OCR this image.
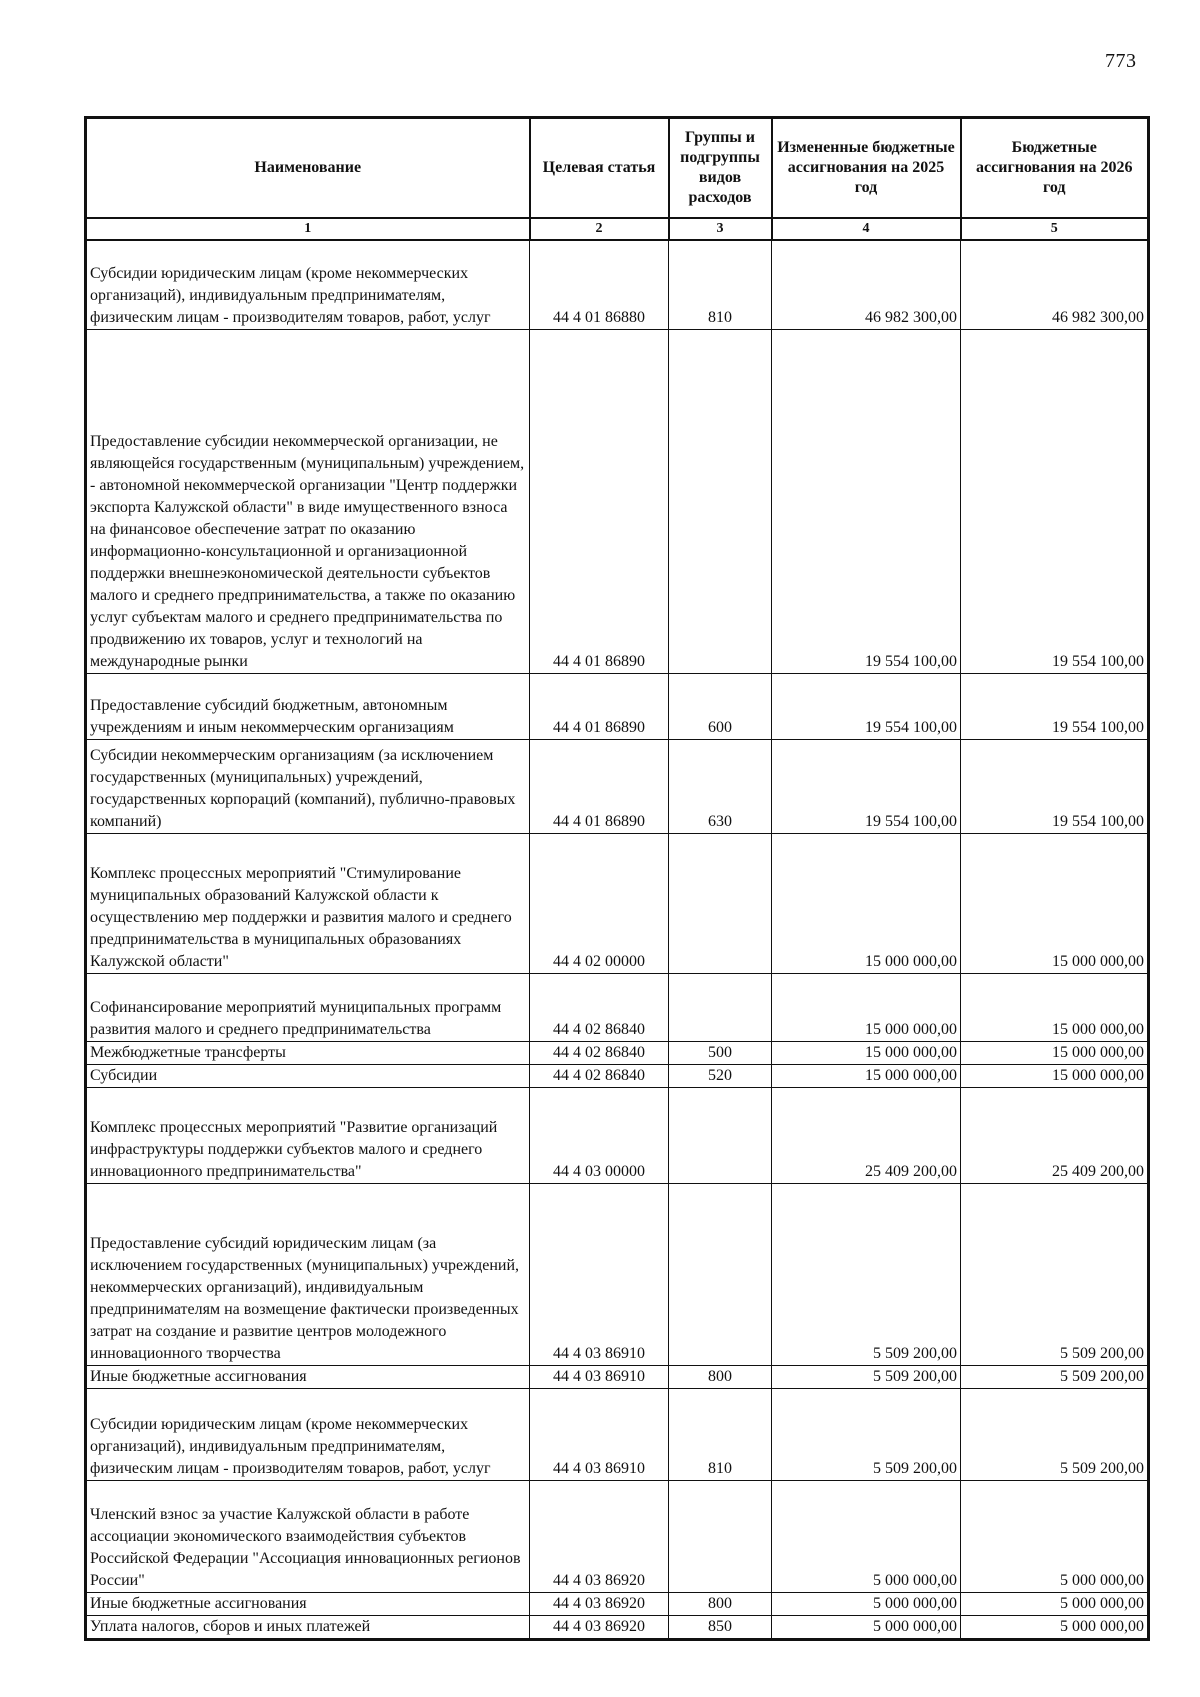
773
Наименование	Целевая статья	Группы и подгруппы видов расходов	Измененные бюджетные ассигнования на 2025 год	Бюджетные ассигнования на 2026 год
1	2	3	4	5
Субсидии юридическим лицам (кроме некоммерческих организаций), индивидуальным предпринимателям, физическим лицам - производителям товаров, работ, услуг	44 4 01 86880	810	46 982 300,00	46 982 300,00
Предоставление субсидии некоммерческой организации, не являющейся государственным (муниципальным) учреждением, - автономной некоммерческой организации "Центр поддержки экспорта Калужской области" в виде имущественного взноса на финансовое обеспечение затрат по оказанию информационно-консультационной и организационной поддержки внешнеэкономической деятельности субъектов малого и среднего предпринимательства, а также по оказанию услуг субъектам малого и среднего предпринимательства по продвижению их товаров, услуг и технологий на международные рынки	44 4 01 86890		19 554 100,00	19 554 100,00
Предоставление субсидий бюджетным, автономным учреждениям и иным некоммерческим организациям	44 4 01 86890	600	19 554 100,00	19 554 100,00
Субсидии некоммерческим организациям (за исключением государственных (муниципальных) учреждений, государственных корпораций (компаний), публично-правовых компаний)	44 4 01 86890	630	19 554 100,00	19 554 100,00
Комплекс процессных мероприятий "Стимулирование муниципальных образований Калужской области к осуществлению мер поддержки и развития малого и среднего предпринимательства в муниципальных образованиях Калужской области"	44 4 02 00000		15 000 000,00	15 000 000,00
Софинансирование мероприятий муниципальных программ развития малого и среднего предпринимательства	44 4 02 86840		15 000 000,00	15 000 000,00
Межбюджетные трансферты	44 4 02 86840	500	15 000 000,00	15 000 000,00
Субсидии	44 4 02 86840	520	15 000 000,00	15 000 000,00
Комплекс процессных мероприятий "Развитие организаций инфраструктуры поддержки субъектов малого и среднего инновационного предпринимательства"	44 4 03 00000		25 409 200,00	25 409 200,00
Предоставление субсидий юридическим лицам (за исключением государственных (муниципальных) учреждений, некоммерческих организаций), индивидуальным предпринимателям на возмещение фактически произведенных затрат на создание и развитие центров молодежного инновационного творчества	44 4 03 86910		5 509 200,00	5 509 200,00
Иные бюджетные ассигнования	44 4 03 86910	800	5 509 200,00	5 509 200,00
Субсидии юридическим лицам (кроме некоммерческих организаций), индивидуальным предпринимателям, физическим лицам - производителям товаров, работ, услуг	44 4 03 86910	810	5 509 200,00	5 509 200,00
Членский взнос за участие Калужской области в работе ассоциации экономического взаимодействия субъектов Российской Федерации "Ассоциация инновационных регионов России"	44 4 03 86920		5 000 000,00	5 000 000,00
Иные бюджетные ассигнования	44 4 03 86920	800	5 000 000,00	5 000 000,00
Уплата налогов, сборов и иных платежей	44 4 03 86920	850	5 000 000,00	5 000 000,00
